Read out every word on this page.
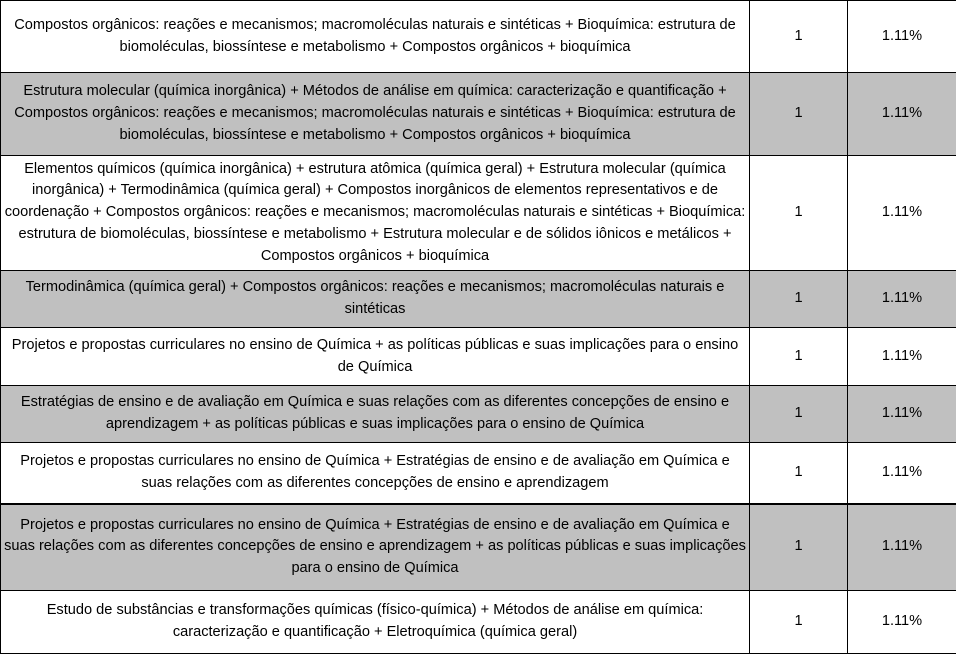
Compostos orgânicos: reações e mecanismos; macromoléculas naturais e sintéticas + Bioquímica: estrutura de biomoléculas, biossíntese e metabolismo + Compostos orgânicos + bioquímica	1	1.11%
Estrutura molecular (química inorgânica) + Métodos de análise em química: caracterização e quantificação + Compostos orgânicos: reações e mecanismos; macromoléculas naturais e sintéticas + Bioquímica: estrutura de biomoléculas, biossíntese e metabolismo + Compostos orgânicos + bioquímica	1	1.11%
Elementos químicos (química inorgânica) + estrutura atômica (química geral) + Estrutura molecular (química inorgânica) + Termodinâmica (química geral) + Compostos inorgânicos de elementos representativos e de coordenação + Compostos orgânicos: reações e mecanismos; macromoléculas naturais e sintéticas + Bioquímica: estrutura de biomoléculas, biossíntese e metabolismo + Estrutura molecular e de sólidos iônicos e metálicos + Compostos orgânicos + bioquímica	1	1.11%
Termodinâmica (química geral) + Compostos orgânicos: reações e mecanismos; macromoléculas naturais e sintéticas	1	1.11%
Projetos e propostas curriculares no ensino de Química + as políticas públicas e suas implicações para o ensino de Química	1	1.11%
Estratégias de ensino e de avaliação em Química e suas relações com as diferentes concepções de ensino e aprendizagem + as políticas públicas e suas implicações para o ensino de Química	1	1.11%
Projetos e propostas curriculares no ensino de Química + Estratégias de ensino e de avaliação em Química e suas relações com as diferentes concepções de ensino e aprendizagem	1	1.11%
Projetos e propostas curriculares no ensino de Química + Estratégias de ensino e de avaliação em Química e suas relações com as diferentes concepções de ensino e aprendizagem + as políticas públicas e suas implicações para o ensino de Química	1	1.11%
Estudo de substâncias e transformações químicas (físico-química) + Métodos de análise em química: caracterização e quantificação + Eletroquímica (química geral)	1	1.11%
